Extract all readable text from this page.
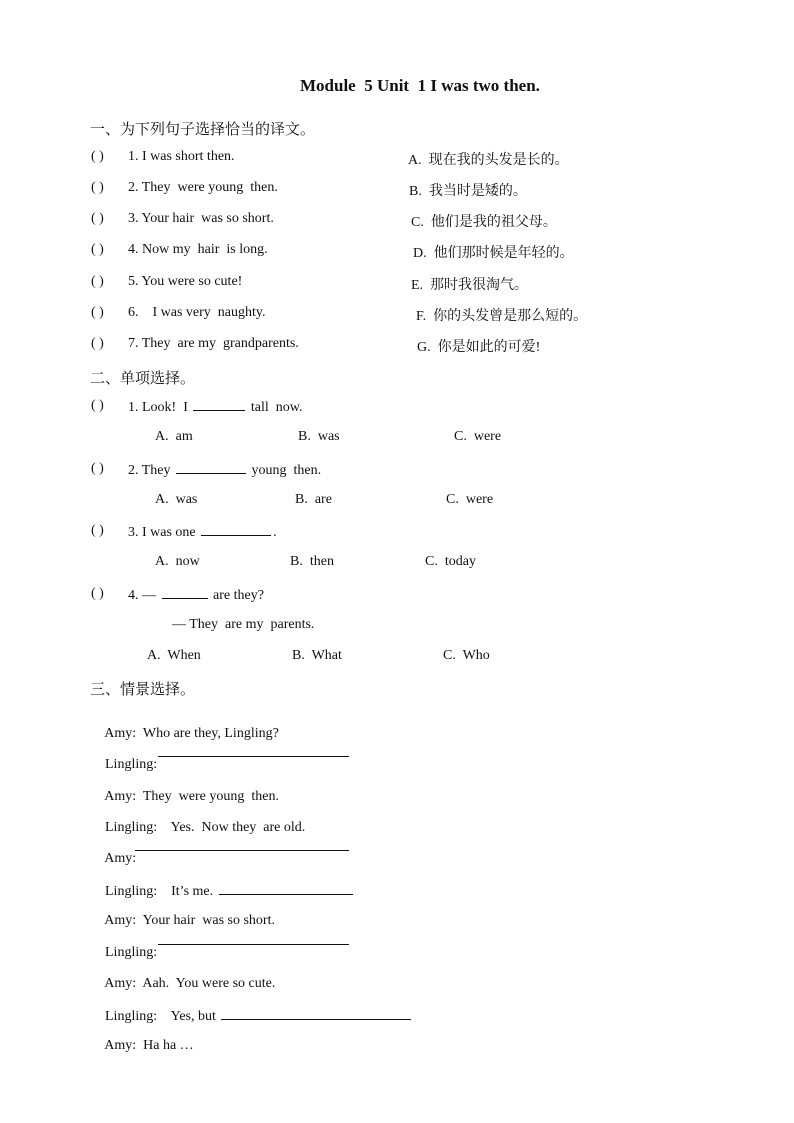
Module  5 Unit  1 I was two then.
一、为下列句子选择恰当的译文。
( ) 1. I was short then.	A.  现在我的头发是长的。
( ) 2. They  were young  then.	B.  我当时是矮的。
( ) 3. Your hair  was so short.	C.  他们是我的祖父母。
( ) 4. Now my  hair  is long.	D.  他们那时候是年轻的。
( ) 5. You were so cute!	E.  那时我很淘气。
( ) 6.    I was very  naughty.	F.  你的头发曾是那么短的。
( ) 7. They  are my  grandparents.	G.  你是如此的可爱!
二、单项选择。
( ) 1. Look!  I	tall  now.
A.  am	B.  was	C.  were
( ) 2. They	young  then.
A.  was	B.  are	C.  were
( ) 3. I was one	.
A.  now	B.  then	C.  today
( ) 4. —	are they?
— They  are my  parents.
A.  When	B.  What	C.  Who
三、情景选择。

Amy: Who are they, Lingling?

Lingling:

Amy: They  were young  then.

Lingling: Yes.  Now they  are old.

Amy:

Lingling: It’s me.

Amy: Your hair  was so short.

Lingling:

Amy: Aah.  You were so cute.

Lingling: Yes, but

Amy: Ha ha …
